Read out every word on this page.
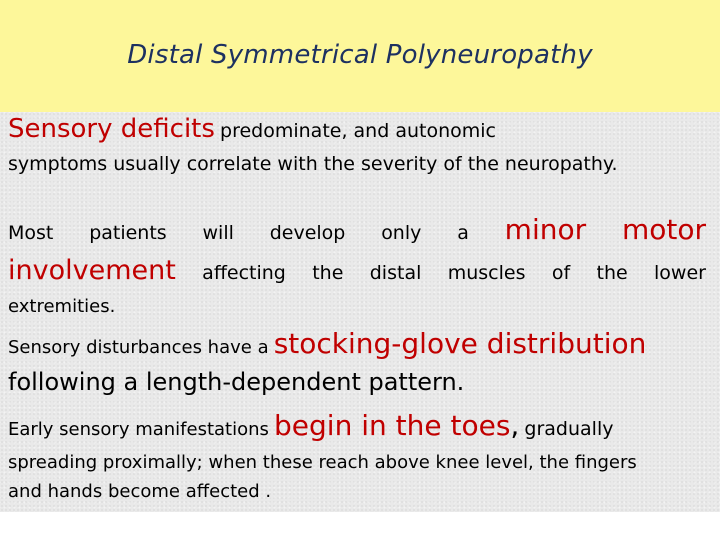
Distal Symmetrical Polyneuropathy
Sensory deficits predominate, and autonomic
symptoms usually correlate with the severity of the neuropathy.
Most patients will develop only a minor motor
involvement affecting the distal muscles of the lower
extremities.
Sensory disturbances have a stocking-glove distribution
following a length-dependent pattern.
Early sensory manifestations begin in the toes, gradually
spreading proximally; when these reach above knee level, the fingers
and hands become affected .
